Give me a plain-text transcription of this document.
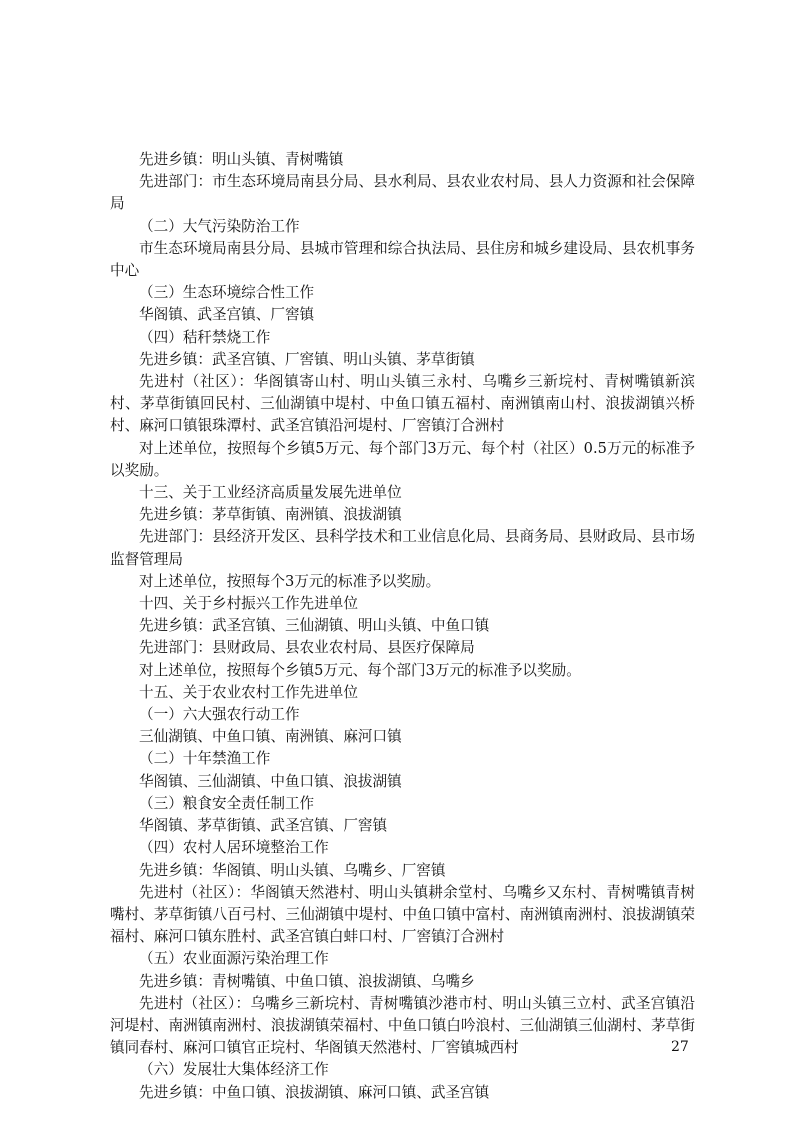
先进乡镇：明山头镇、青树嘴镇

先进部门：市生态环境局南县分局、县水利局、县农业农村局、县人力资源和社会保障局

（二）大气污染防治工作

市生态环境局南县分局、县城市管理和综合执法局、县住房和城乡建设局、县农机事务中心

（三）生态环境综合性工作

华阁镇、武圣宫镇、厂窖镇

（四）秸秆禁烧工作

先进乡镇：武圣宫镇、厂窖镇、明山头镇、茅草街镇

先进村（社区）：华阁镇寄山村、明山头镇三永村、乌嘴乡三新垸村、青树嘴镇新滨村、茅草街镇回民村、三仙湖镇中堤村、中鱼口镇五福村、南洲镇南山村、浪拔湖镇兴桥村、麻河口镇银珠潭村、武圣宫镇沿河堤村、厂窖镇汀合洲村

对上述单位，按照每个乡镇5万元、每个部门3万元、每个村（社区）0.5万元的标准予以奖励。

十三、关于工业经济高质量发展先进单位

先进乡镇：茅草街镇、南洲镇、浪拔湖镇

先进部门：县经济开发区、县科学技术和工业信息化局、县商务局、县财政局、县市场监督管理局

对上述单位，按照每个3万元的标准予以奖励。

十四、关于乡村振兴工作先进单位

先进乡镇：武圣宫镇、三仙湖镇、明山头镇、中鱼口镇

先进部门：县财政局、县农业农村局、县医疗保障局

对上述单位，按照每个乡镇5万元、每个部门3万元的标准予以奖励。

十五、关于农业农村工作先进单位

（一）六大强农行动工作

三仙湖镇、中鱼口镇、南洲镇、麻河口镇

（二）十年禁渔工作

华阁镇、三仙湖镇、中鱼口镇、浪拔湖镇

（三）粮食安全责任制工作

华阁镇、茅草街镇、武圣宫镇、厂窖镇

（四）农村人居环境整治工作

先进乡镇：华阁镇、明山头镇、乌嘴乡、厂窖镇

先进村（社区）：华阁镇天然港村、明山头镇耕余堂村、乌嘴乡又东村、青树嘴镇青树嘴村、茅草街镇八百弓村、三仙湖镇中堤村、中鱼口镇中富村、南洲镇南洲村、浪拔湖镇荣福村、麻河口镇东胜村、武圣宫镇白蚌口村、厂窖镇汀合洲村

（五）农业面源污染治理工作

先进乡镇：青树嘴镇、中鱼口镇、浪拔湖镇、乌嘴乡

先进村（社区）：乌嘴乡三新垸村、青树嘴镇沙港市村、明山头镇三立村、武圣宫镇沿河堤村、南洲镇南洲村、浪拔湖镇荣福村、中鱼口镇白吟浪村、三仙湖镇三仙湖村、茅草街镇同春村、麻河口镇官正垸村、华阁镇天然港村、厂窖镇城西村

（六）发展壮大集体经济工作

先进乡镇：中鱼口镇、浪拔湖镇、麻河口镇、武圣宫镇

27
